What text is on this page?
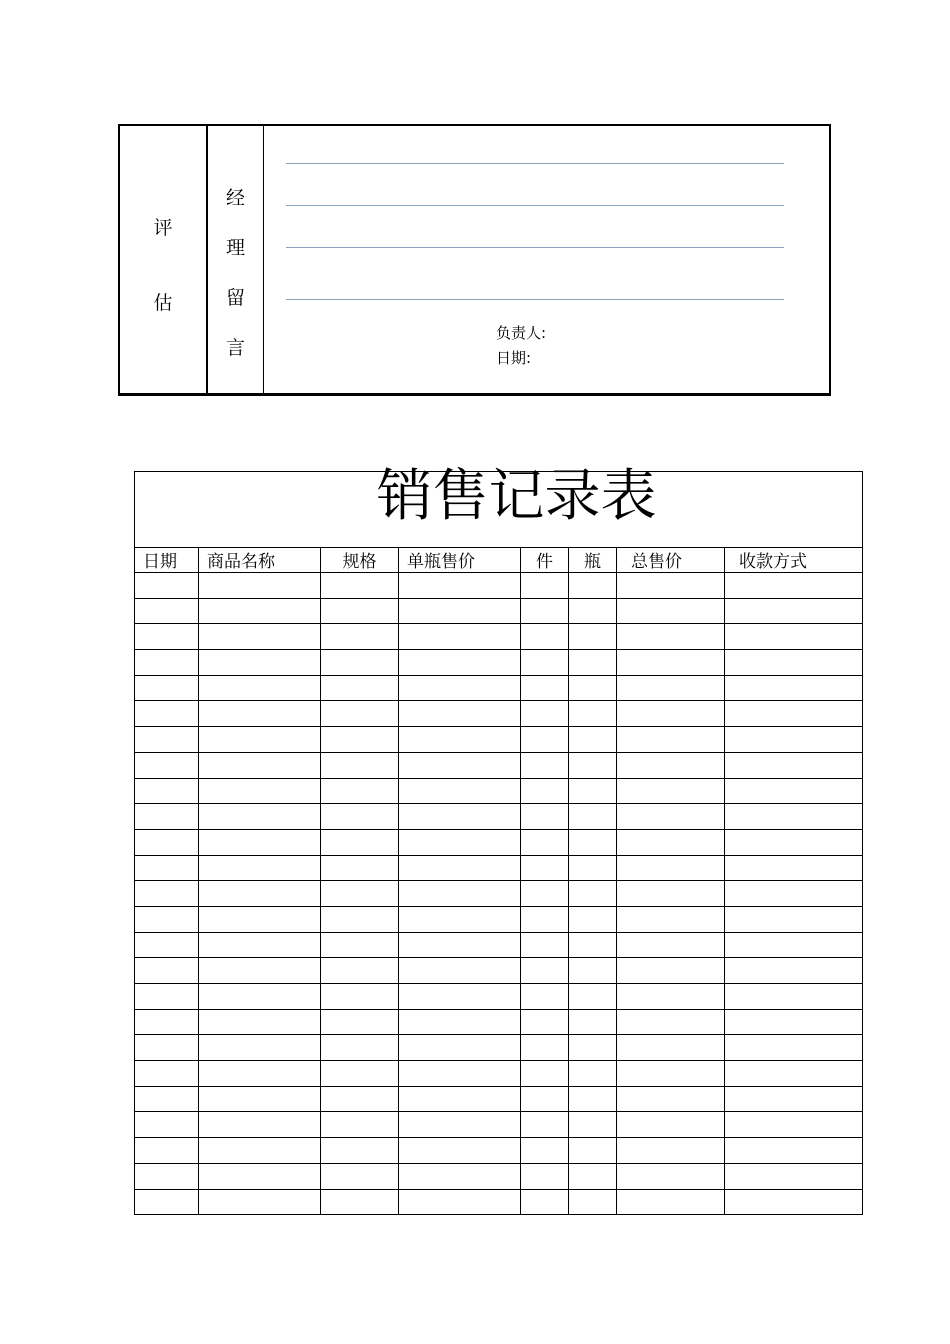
评
估
经
理
留
言
负责人:
日期:
销售记录表							
日期	商品名称	规格	单瓶售价	件	瓶	总售价	收款方式
